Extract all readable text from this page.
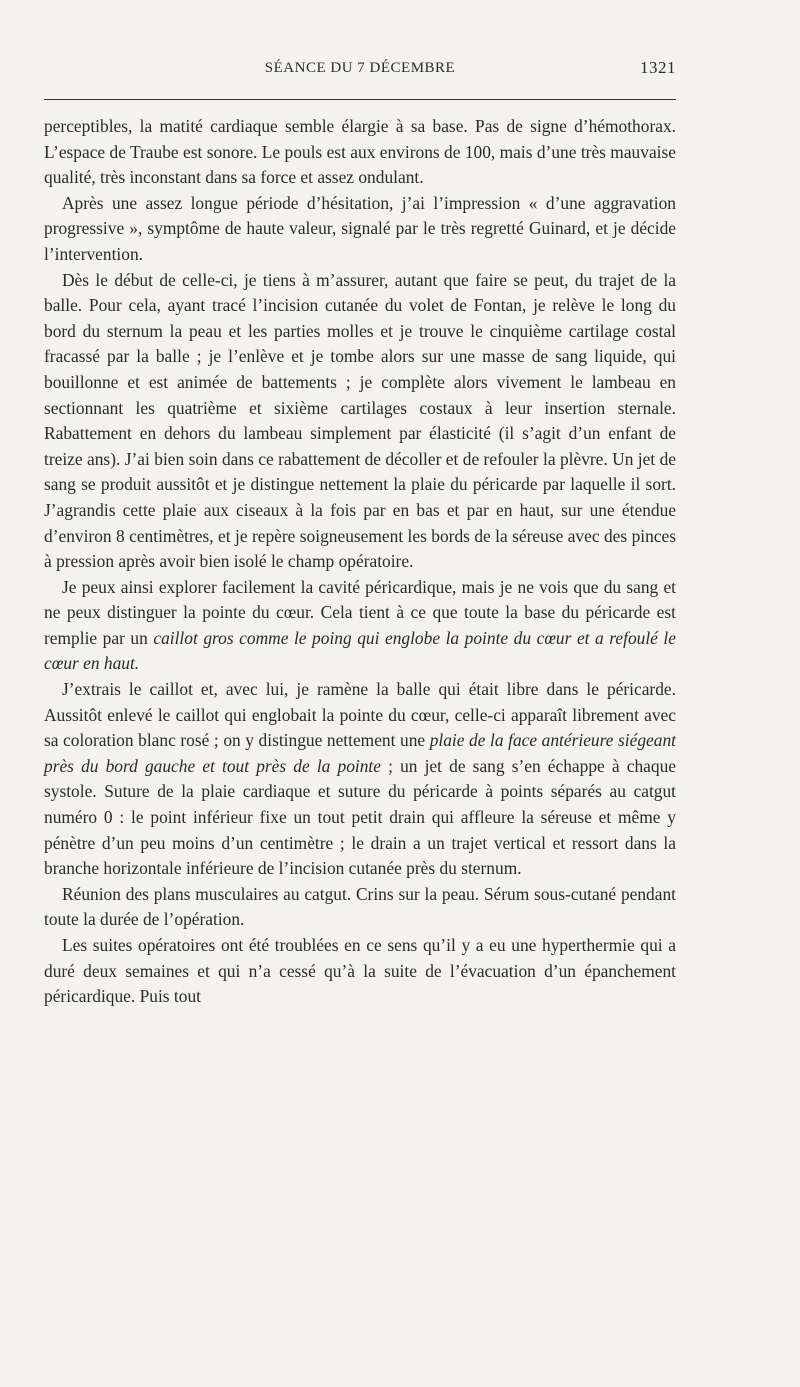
SÉANCE DU 7 DÉCEMBRE	1321

perceptibles, la matité cardiaque semble élargie à sa base. Pas de signe d’hémothorax. L’espace de Traube est sonore. Le pouls est aux environs de 100, mais d’une très mauvaise qualité, très inconstant dans sa force et assez ondulant.

Après une assez longue période d’hésitation, j’ai l’impression « d’une aggravation progressive », symptôme de haute valeur, signalé par le très regretté Guinard, et je décide l’intervention.

Dès le début de celle-ci, je tiens à m’assurer, autant que faire se peut, du trajet de la balle. Pour cela, ayant tracé l’incision cutanée du volet de Fontan, je relève le long du bord du sternum la peau et les parties molles et je trouve le cinquième cartilage costal fracassé par la balle ; je l’enlève et je tombe alors sur une masse de sang liquide, qui bouillonne et est animée de battements ; je complète alors vivement le lambeau en sectionnant les quatrième et sixième cartilages costaux à leur insertion sternale. Rabattement en dehors du lambeau simplement par élasticité (il s’agit d’un enfant de treize ans). J’ai bien soin dans ce rabattement de décoller et de refouler la plèvre. Un jet de sang se produit aussitôt et je distingue nettement la plaie du péricarde par laquelle il sort. J’agrandis cette plaie aux ciseaux à la fois par en bas et par en haut, sur une étendue d’environ 8 centimètres, et je repère soigneusement les bords de la séreuse avec des pinces à pression après avoir bien isolé le champ opératoire.

Je peux ainsi explorer facilement la cavité péricardique, mais je ne vois que du sang et ne peux distinguer la pointe du cœur. Cela tient à ce que toute la base du péricarde est remplie par un caillot gros comme le poing qui englobe la pointe du cœur et a refoulé le cœur en haut.

J’extrais le caillot et, avec lui, je ramène la balle qui était libre dans le péricarde. Aussitôt enlevé le caillot qui englobait la pointe du cœur, celle-ci apparaît librement avec sa coloration blanc rosé ; on y distingue nettement une plaie de la face antérieure siégeant près du bord gauche et tout près de la pointe ; un jet de sang s’en échappe à chaque systole. Suture de la plaie cardiaque et suture du péricarde à points séparés au catgut numéro 0 : le point inférieur fixe un tout petit drain qui affleure la séreuse et même y pénètre d’un peu moins d’un centimètre ; le drain a un trajet vertical et ressort dans la branche horizontale inférieure de l’incision cutanée près du sternum.

Réunion des plans musculaires au catgut. Crins sur la peau. Sérum sous-cutané pendant toute la durée de l’opération.

Les suites opératoires ont été troublées en ce sens qu’il y a eu une hyperthermie qui a duré deux semaines et qui n’a cessé qu’à la suite de l’évacuation d’un épanchement péricardique. Puis tout
